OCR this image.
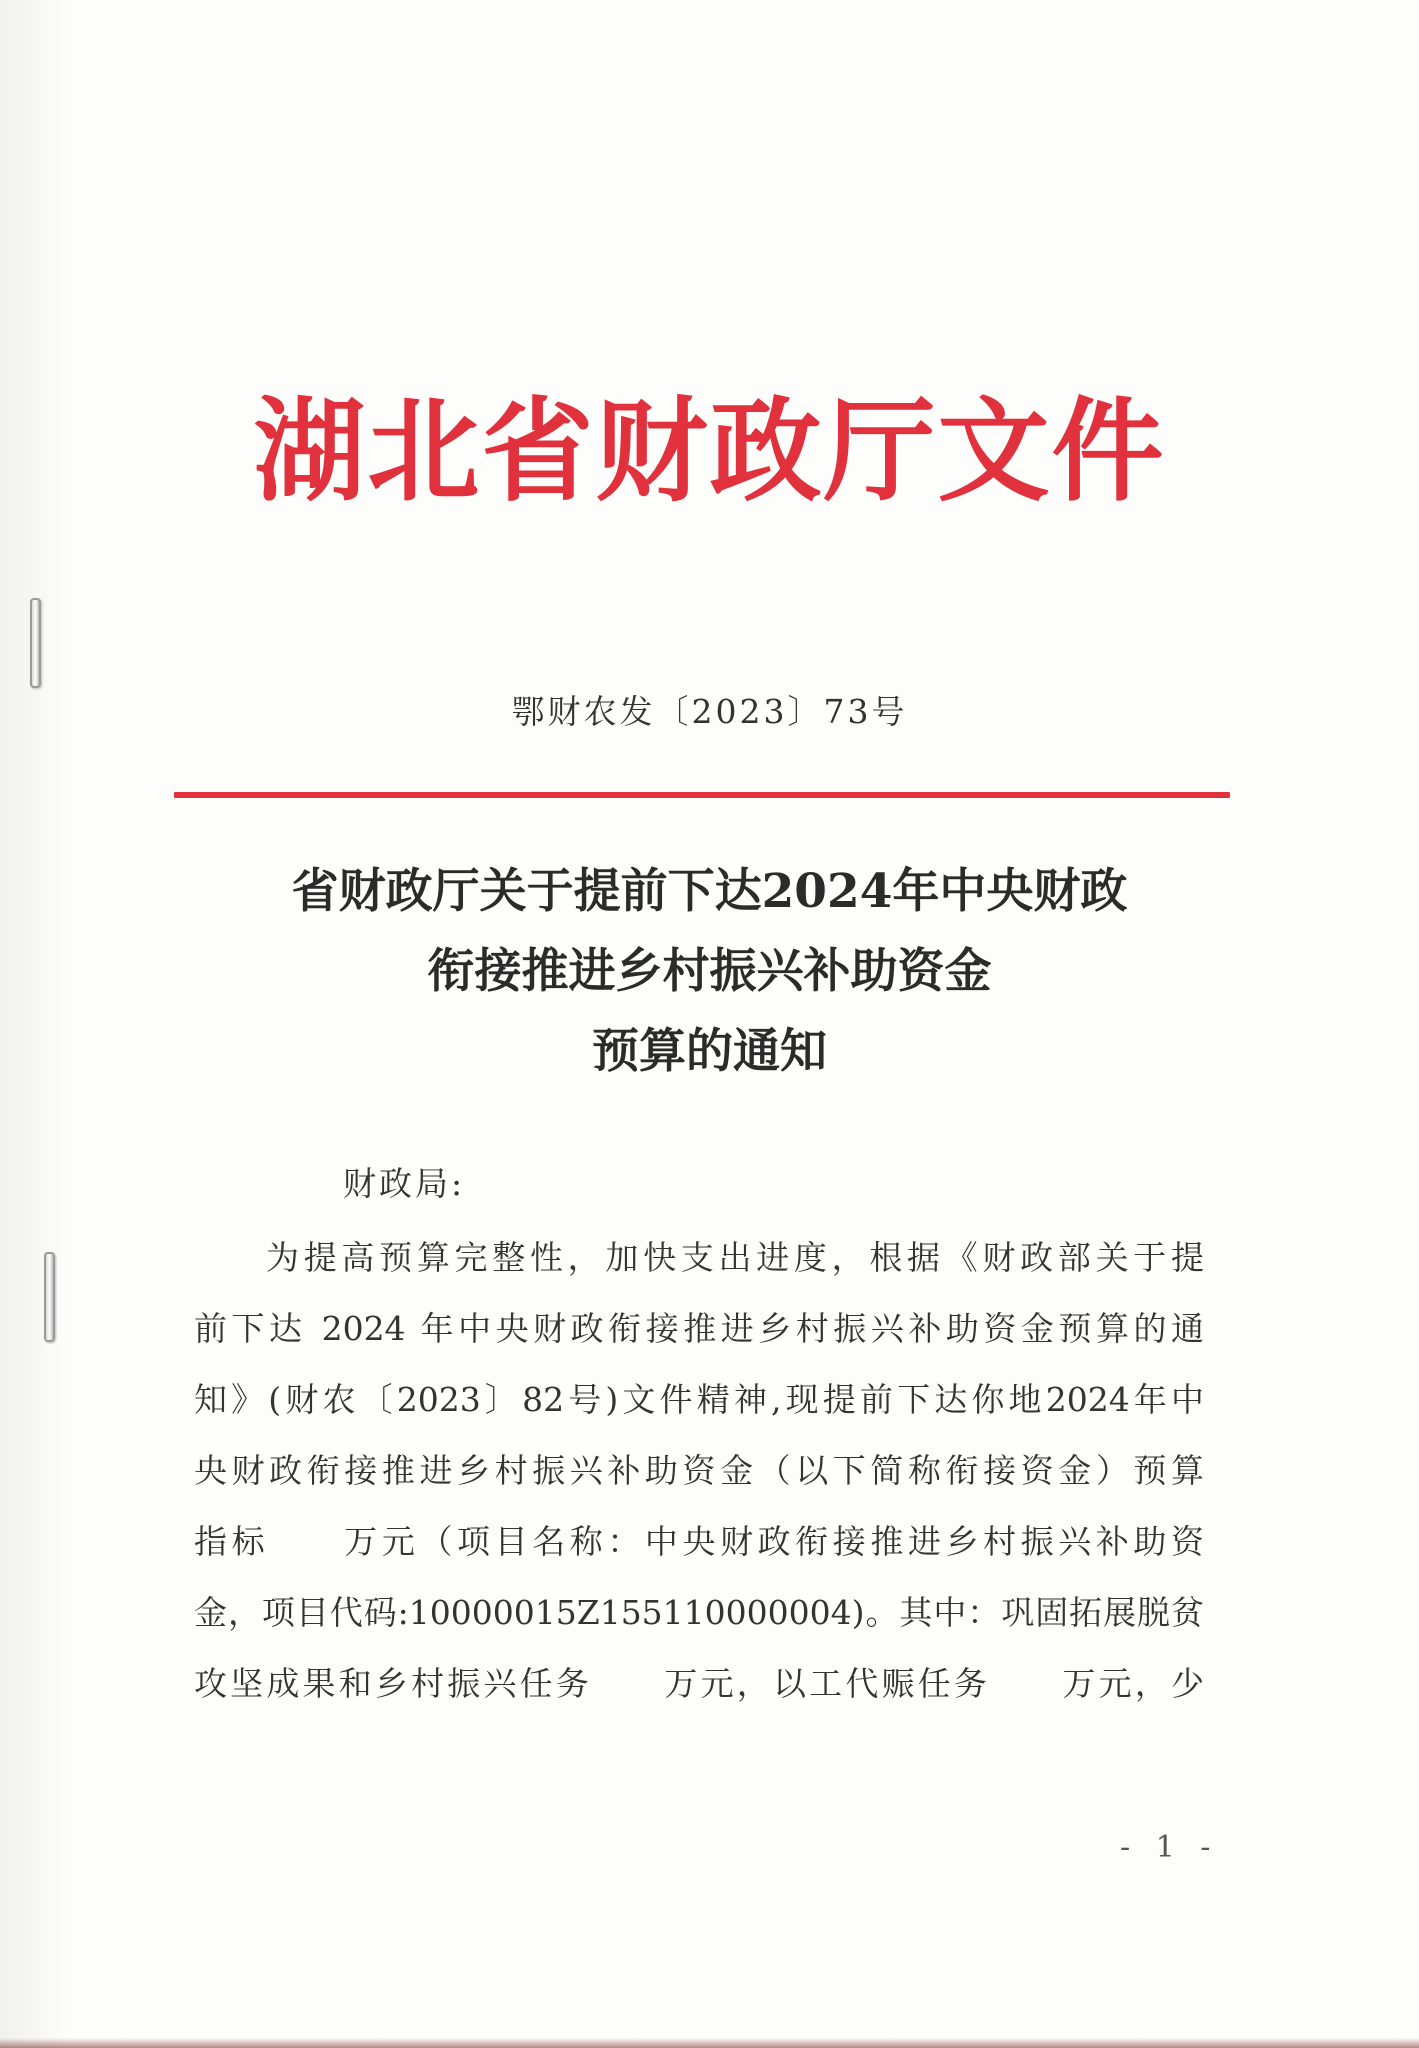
湖北省财政厅文件
鄂财农发〔2023〕73号
省财政厅关于提前下达2024年中央财政
衔接推进乡村振兴补助资金
预算的通知
财政局:
为提高预算完整性，加快支出进度，根据《财政部关于提
前下达 2024 年中央财政衔接推进乡村振兴补助资金预算的通
知》(财农〔2023〕82号)文件精神,现提前下达你地2024年中
央财政衔接推进乡村振兴补助资金（以下简称衔接资金）预算
指标　　万元（项目名称：中央财政衔接推进乡村振兴补助资
金，项目代码:10000015Z155110000004)。其中：巩固拓展脱贫
攻坚成果和乡村振兴任务　　万元，以工代赈任务　　万元，少
- 1 -
